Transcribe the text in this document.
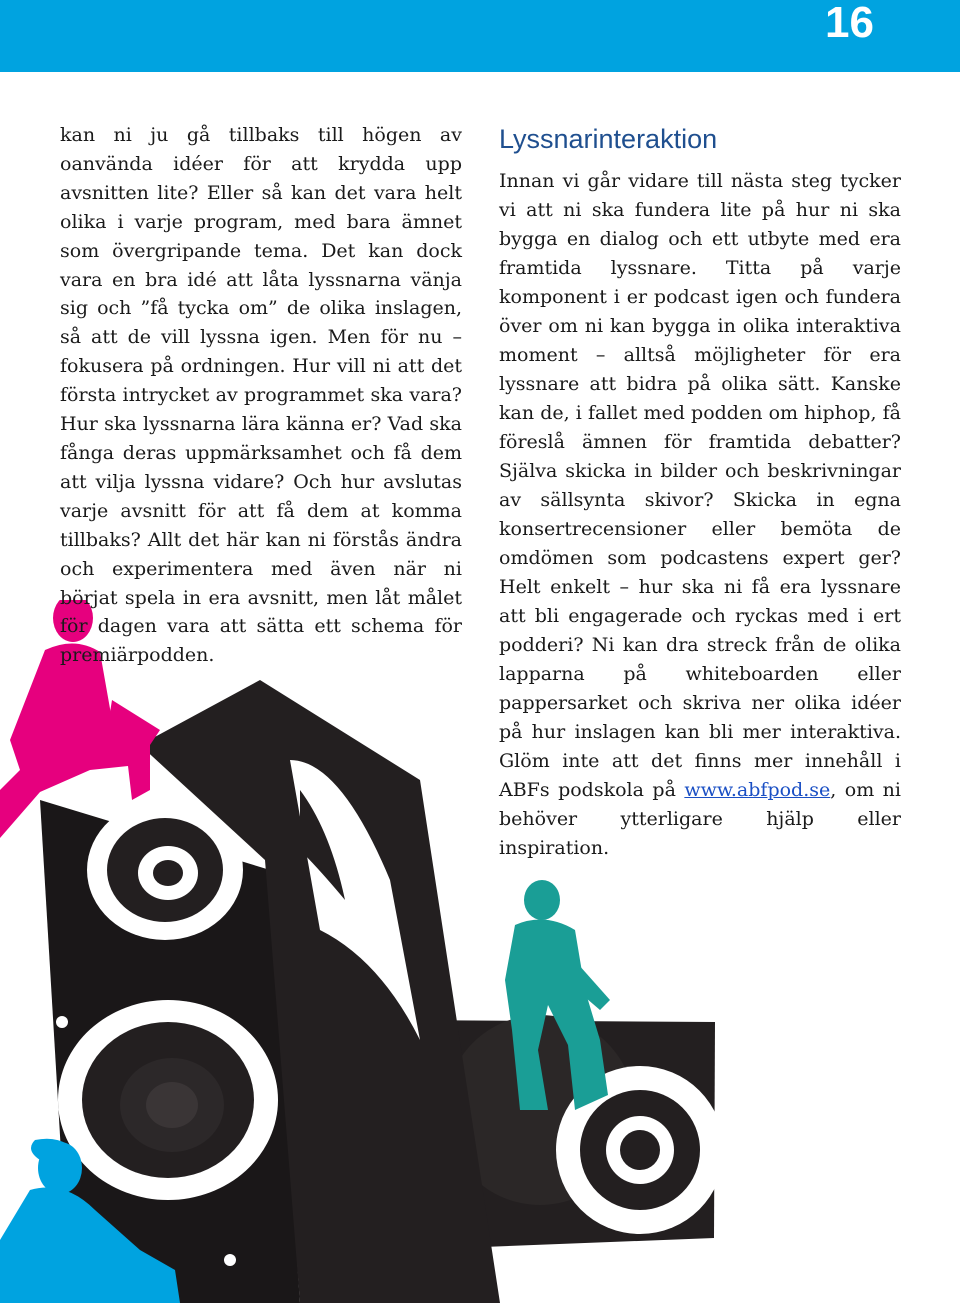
16

kan ni ju gå tillbaks till högen av oanvända idéer för att krydda upp avsnitten lite? Eller så kan det vara helt olika i varje program, med bara ämnet som övergripande tema. Det kan dock vara en bra idé att låta lyssnarna vänja sig och ”få tycka om” de olika inslagen, så att de vill lyssna igen. Men för nu – fokusera på ordningen. Hur vill ni att det första intrycket av programmet ska vara? Hur ska lyssnarna lära känna er? Vad ska fånga deras uppmärksamhet och få dem att vilja lyssna vidare? Och hur avslutas varje avsnitt för att få dem at komma tillbaks? Allt det här kan ni förstås ändra och experimentera med även när ni börjat spela in era avsnitt, men låt målet för dagen vara att sätta ett schema för premiärpodden.

Lyssnarinteraktion

Innan vi går vidare till nästa steg tycker vi att ni ska fundera lite på hur ni ska bygga en dialog och ett utbyte med era framtida lyssnare. Titta på varje komponent i er podcast igen och fundera över om ni kan bygga in olika interaktiva moment – alltså möjligheter för era lyssnare att bidra på olika sätt. Kanske kan de, i fallet med podden om hiphop, få föreslå ämnen för framtida debatter? Själva skicka in bilder och beskrivningar av sällsynta skivor? Skicka in egna konsertrecensioner eller bemöta de omdömen som podcastens expert ger? Helt enkelt – hur ska ni få era lyssnare att bli engagerade och ryckas med i ert podderi? Ni kan dra streck från de olika lapparna på whiteboarden eller pappersarket och skriva ner olika idéer på hur inslagen kan bli mer interaktiva. Glöm inte att det finns mer innehåll i ABFs podskola på www.abfpod.se, om ni behöver ytterligare hjälp eller inspiration.
